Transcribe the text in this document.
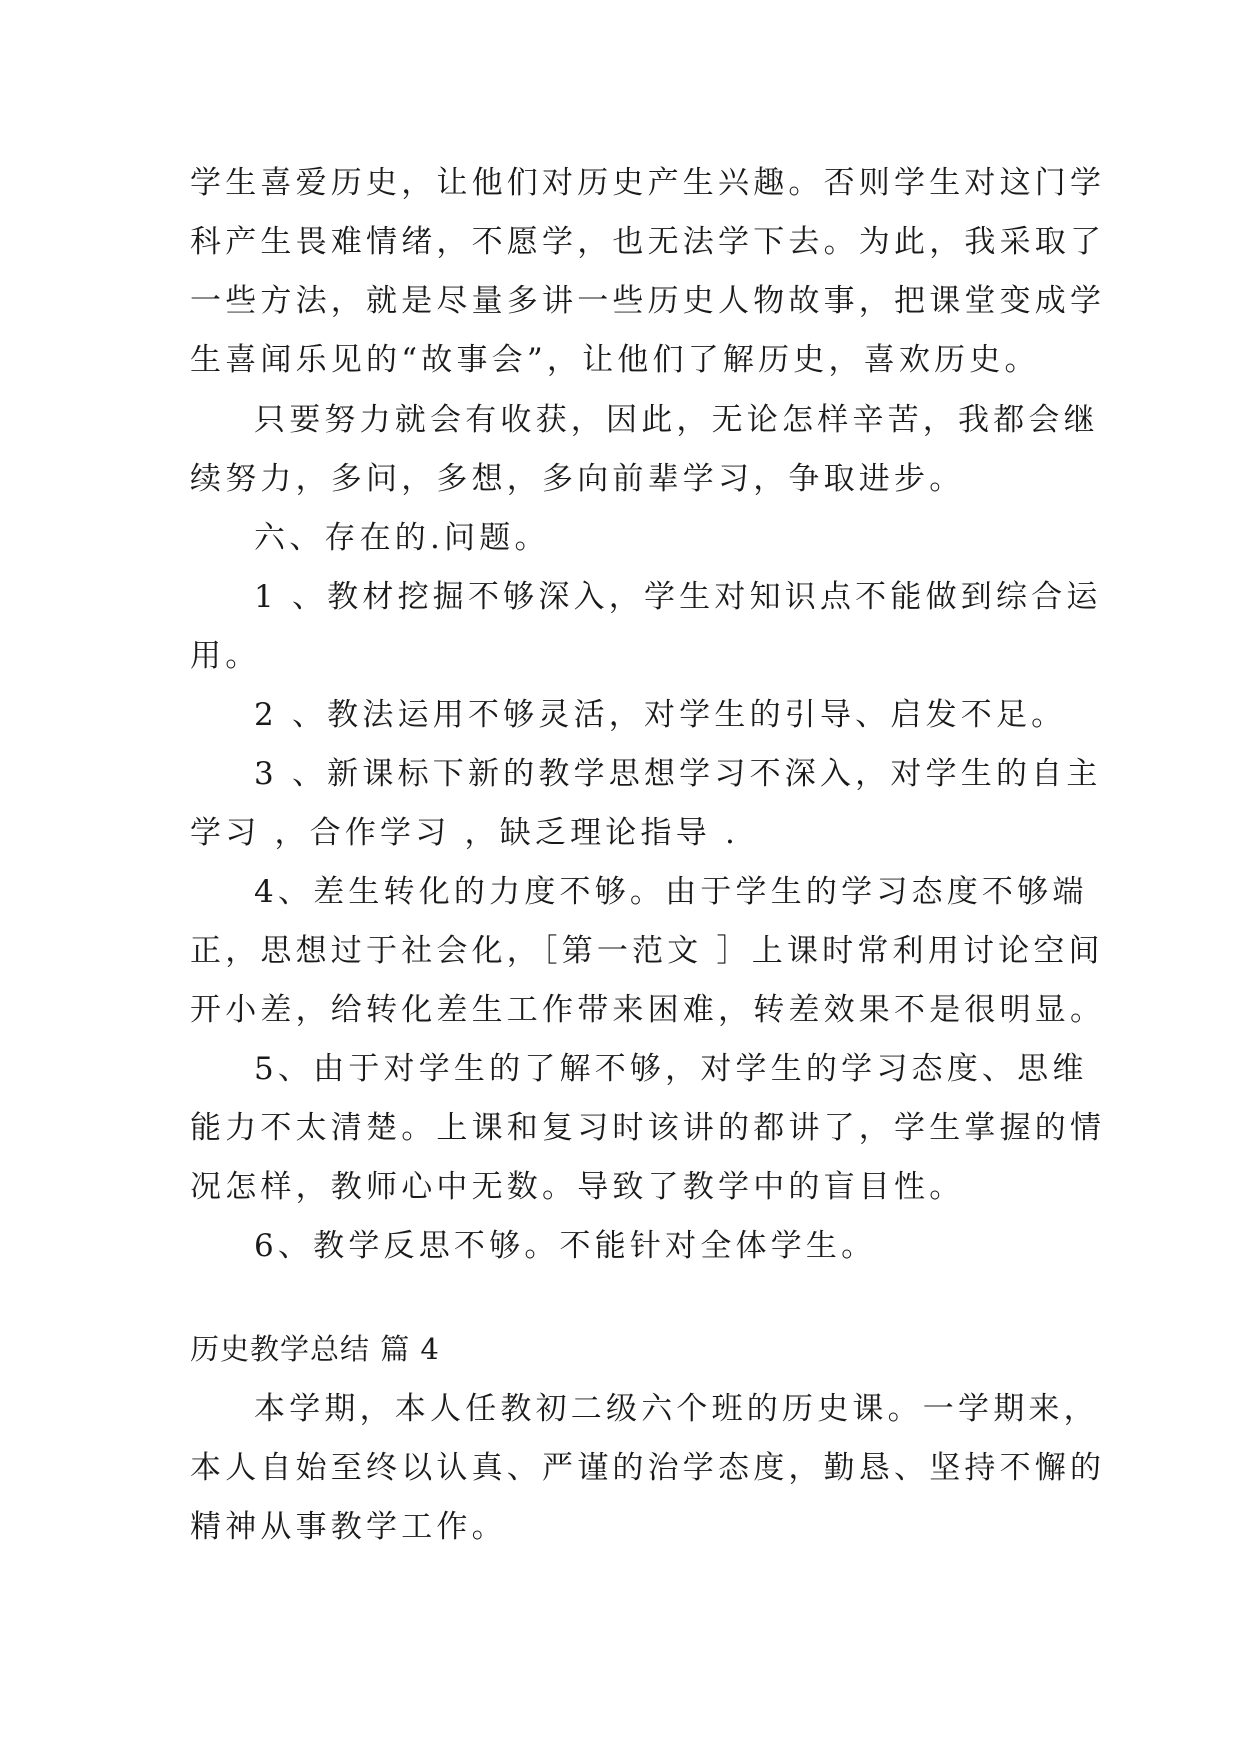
学生喜爱历史，让他们对历史产生兴趣。否则学生对这门学

科产生畏难情绪，不愿学，也无法学下去。为此，我采取了

一些方法，就是尽量多讲一些历史人物故事，把课堂变成学

生喜闻乐见的“故事会”，让他们了解历史，喜欢历史。

只要努力就会有收获，因此，无论怎样辛苦，我都会继

续努力，多问，多想，多向前辈学习，争取进步。

六、存在的.问题。

1 、教材挖掘不够深入，学生对知识点不能做到综合运

用。

2 、教法运用不够灵活，对学生的引导、启发不足。

3 、新课标下新的教学思想学习不深入，对学生的自主

学习 ，合作学习 ，缺乏理论指导 .

4、差生转化的力度不够。由于学生的学习态度不够端

正，思想过于社会化，［第一范文 ］上课时常利用讨论空间

开小差，给转化差生工作带来困难，转差效果不是很明显。

5、由于对学生的了解不够，对学生的学习态度、思维

能力不太清楚。上课和复习时该讲的都讲了，学生掌握的情

况怎样，教师心中无数。导致了教学中的盲目性。

6、教学反思不够。不能针对全体学生。

历史教学总结 篇 4

本学期，本人任教初二级六个班的历史课。一学期来，

本人自始至终以认真、严谨的治学态度，勤恳、坚持不懈的

精神从事教学工作。
